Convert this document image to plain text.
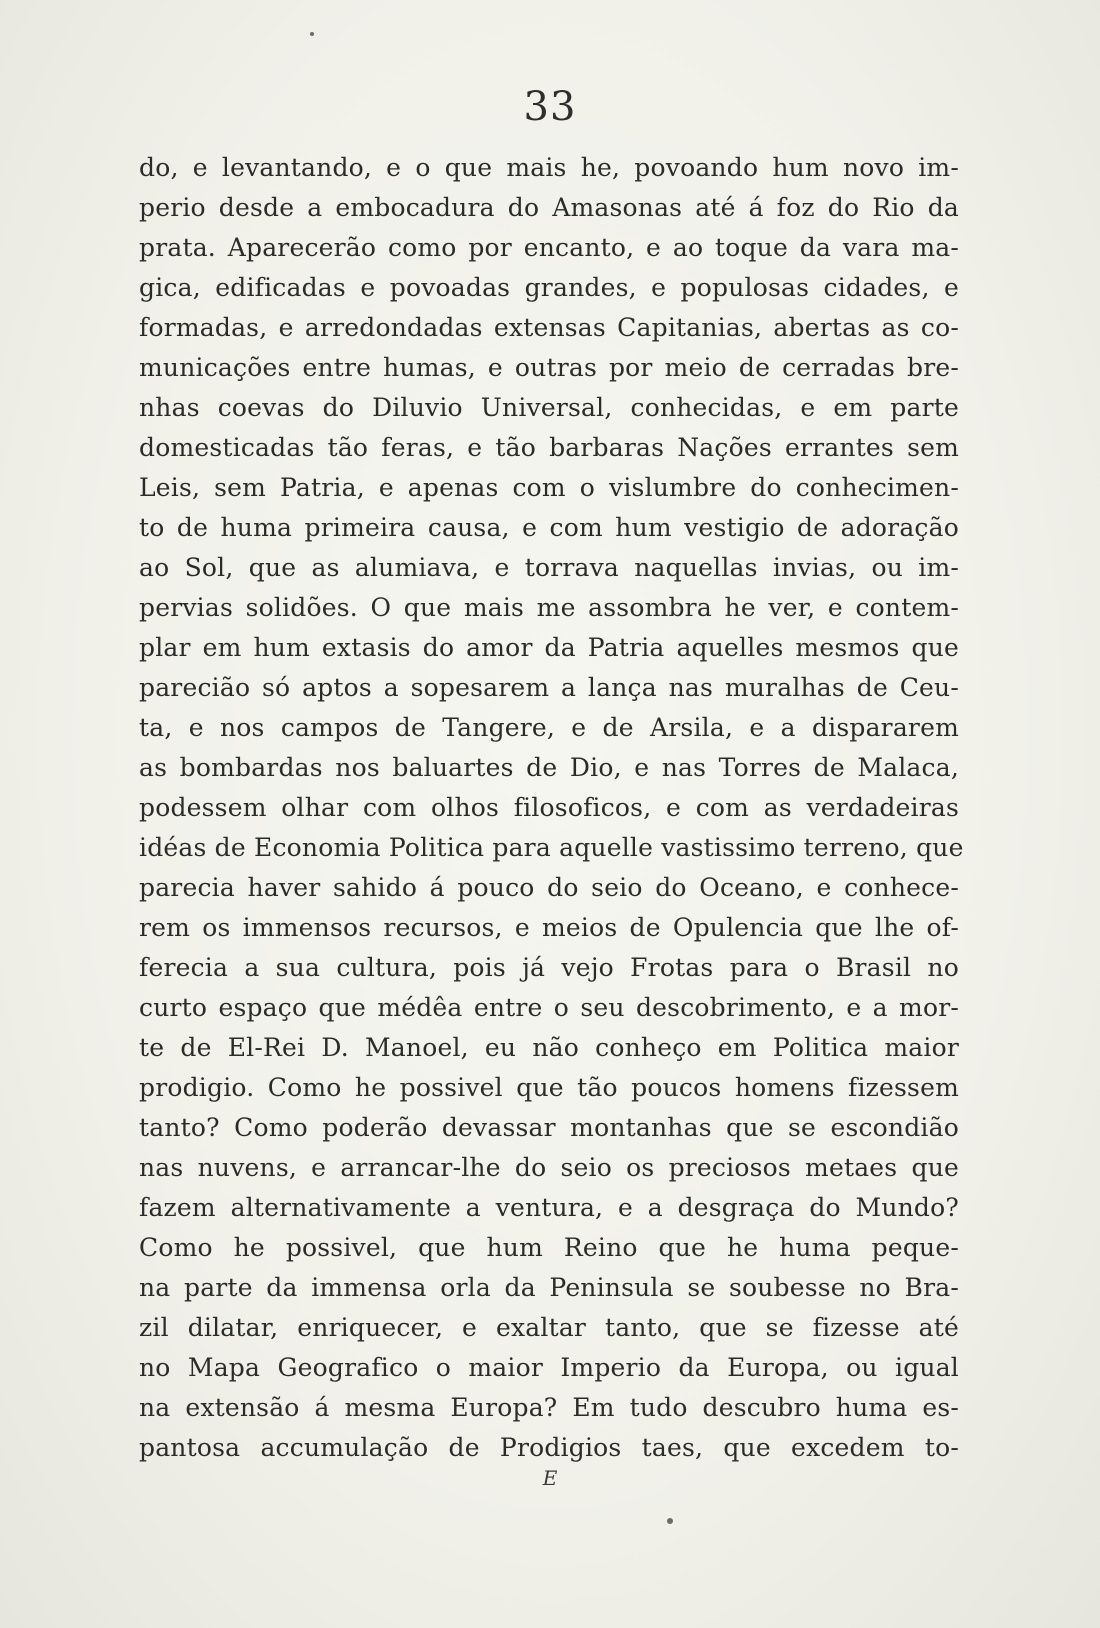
33
do, e levantando, e o que mais he, povoando hum novo im-
perio desde a embocadura do Amasonas até á foz do Rio da
prata. Aparecerão como por encanto, e ao toque da vara ma-
gica, edificadas e povoadas grandes, e populosas cidades, e
formadas, e arredondadas extensas Capitanias, abertas as co-
municações entre humas, e outras por meio de cerradas bre-
nhas coevas do Diluvio Universal, conhecidas, e em parte
domesticadas tão feras, e tão barbaras Nações errantes sem
Leis, sem Patria, e apenas com o vislumbre do conhecimen-
to de huma primeira causa, e com hum vestigio de adoração
ao Sol, que as alumiava, e torrava naquellas invias, ou im-
pervias solidões. O que mais me assombra he ver, e contem-
plar em hum extasis do amor da Patria aquelles mesmos que
parecião só aptos a sopesarem a lança nas muralhas de Ceu-
ta, e nos campos de Tangere, e de Arsila, e a dispararem
as bombardas nos baluartes de Dio, e nas Torres de Malaca,
podessem olhar com olhos filosoficos, e com as verdadeiras
idéas de Economia Politica para aquelle vastissimo terreno, que
parecia haver sahido á pouco do seio do Oceano, e conhece-
rem os immensos recursos, e meios de Opulencia que lhe of-
ferecia a sua cultura, pois já vejo Frotas para o Brasil no
curto espaço que médêa entre o seu descobrimento, e a mor-
te de El-Rei D. Manoel, eu não conheço em Politica maior
prodigio. Como he possivel que tão poucos homens fizessem
tanto? Como poderão devassar montanhas que se escondião
nas nuvens, e arrancar-lhe do seio os preciosos metaes que
fazem alternativamente a ventura, e a desgraça do Mundo?
Como he possivel, que hum Reino que he huma peque-
na parte da immensa orla da Peninsula se soubesse no Bra-
zil dilatar, enriquecer, e exaltar tanto, que se fizesse até
no Mapa Geografico o maior Imperio da Europa, ou igual
na extensão á mesma Europa? Em tudo descubro huma es-
pantosa accumulação de Prodigios taes, que excedem to-
E
